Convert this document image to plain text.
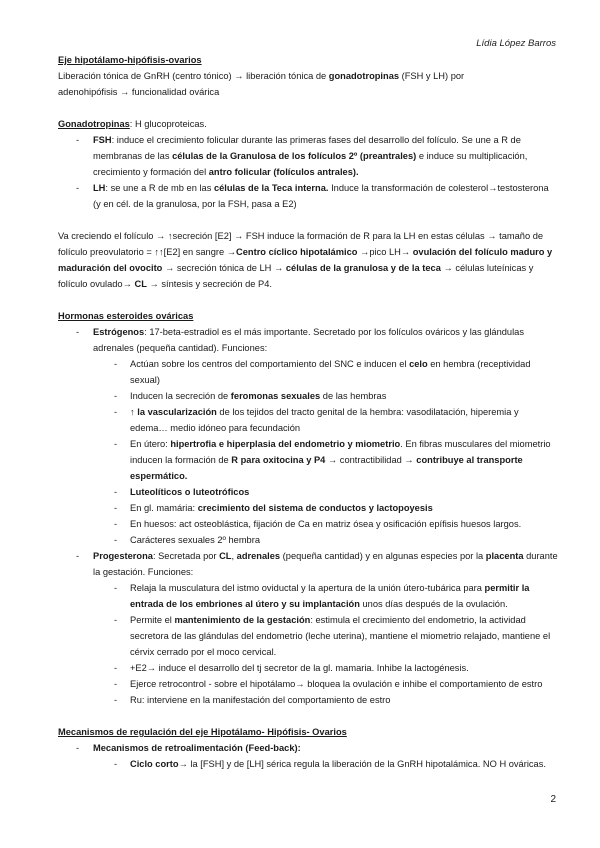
Lídia López Barros

Eje hipotálamo-hipófisis-ovarios

Liberación tónica de GnRH (centro tónico) → liberación tónica de gonadotropinas (FSH y LH) por

adenohipófisis → funcionalidad ovárica

Gonadotropinas: H glucoproteicas.

- FSH: induce el crecimiento folicular durante las primeras fases del desarrollo del folículo. Se une a R de membranas de las células de la Granulosa de los folículos 2º (preantrales) e induce su multiplicación, crecimiento y formación del antro folicular (folículos antrales).
- LH: se une a R de mb en las células de la Teca interna. Induce la transformación de colesterol→testosterona (y en cél. de la granulosa, por la FSH, pasa a E2)

Va creciendo el folículo → ↑secreción [E2] → FSH induce la formación de R para la LH en estas células → tamaño de folículo preovulatorio = ↑↑[E2] en sangre →Centro cíclico hipotalámico →pico LH→ ovulación del folículo maduro y maduración del ovocito → secreción tónica de LH → células de la granulosa y de la teca → células luteínicas y folículo ovulado→ CL → síntesis y secreción de P4.

Hormonas esteroides ováricas

- Estrógenos: 17-beta-estradiol es el más importante. Secretado por los folículos ováricos y las glándulas adrenales (pequeña cantidad). Funciones:
- Actúan sobre los centros del comportamiento del SNC e inducen el celo en hembra (receptividad sexual)
- Inducen la secreción de feromonas sexuales de las hembras
- ↑ la vascularización de los tejidos del tracto genital de la hembra: vasodilatación, hiperemia y edema… medio idóneo para fecundación
- En útero: hipertrofia e hiperplasia del endometrio y miometrio. En fibras musculares del miometrio inducen la formación de R para oxitocina y P4 → contractibilidad → contribuye al transporte espermático.
- Luteolíticos o luteotróficos
- En gl. mamária: crecimiento del sistema de conductos y lactopoyesis
- En huesos: act osteoblástica, fijación de Ca en matriz ósea y osificación epífisis huesos largos.
- Carácteres sexuales 2º hembra
- Progesterona: Secretada por CL, adrenales (pequeña cantidad) y en algunas especies por la placenta durante la gestación. Funciones:
- Relaja la musculatura del istmo oviductal y la apertura de la unión útero-tubárica para permitir la entrada de los embriones al útero y su implantación unos días después de la ovulación.
- Permite el mantenimiento de la gestación: estimula el crecimiento del endometrio, la actividad secretora de las glándulas del endometrio (leche uterina), mantiene el miometrio relajado, mantiene el cérvix cerrado por el moco cervical.
- +E2→ induce el desarrollo del tj secretor de la gl. mamaria. Inhibe la lactogénesis.
- Ejerce retrocontrol - sobre el hipotálamo→ bloquea la ovulación e inhibe el comportamiento de estro
- Ru: interviene en la manifestación del comportamiento de estro

Mecanismos de regulación del eje Hipotálamo- Hipófisis- Ovarios

- Mecanismos de retroalimentación (Feed-back):
- Ciclo corto→ la [FSH] y de [LH] sérica regula la liberación de la GnRH hipotalámica. NO H ováricas.
2
